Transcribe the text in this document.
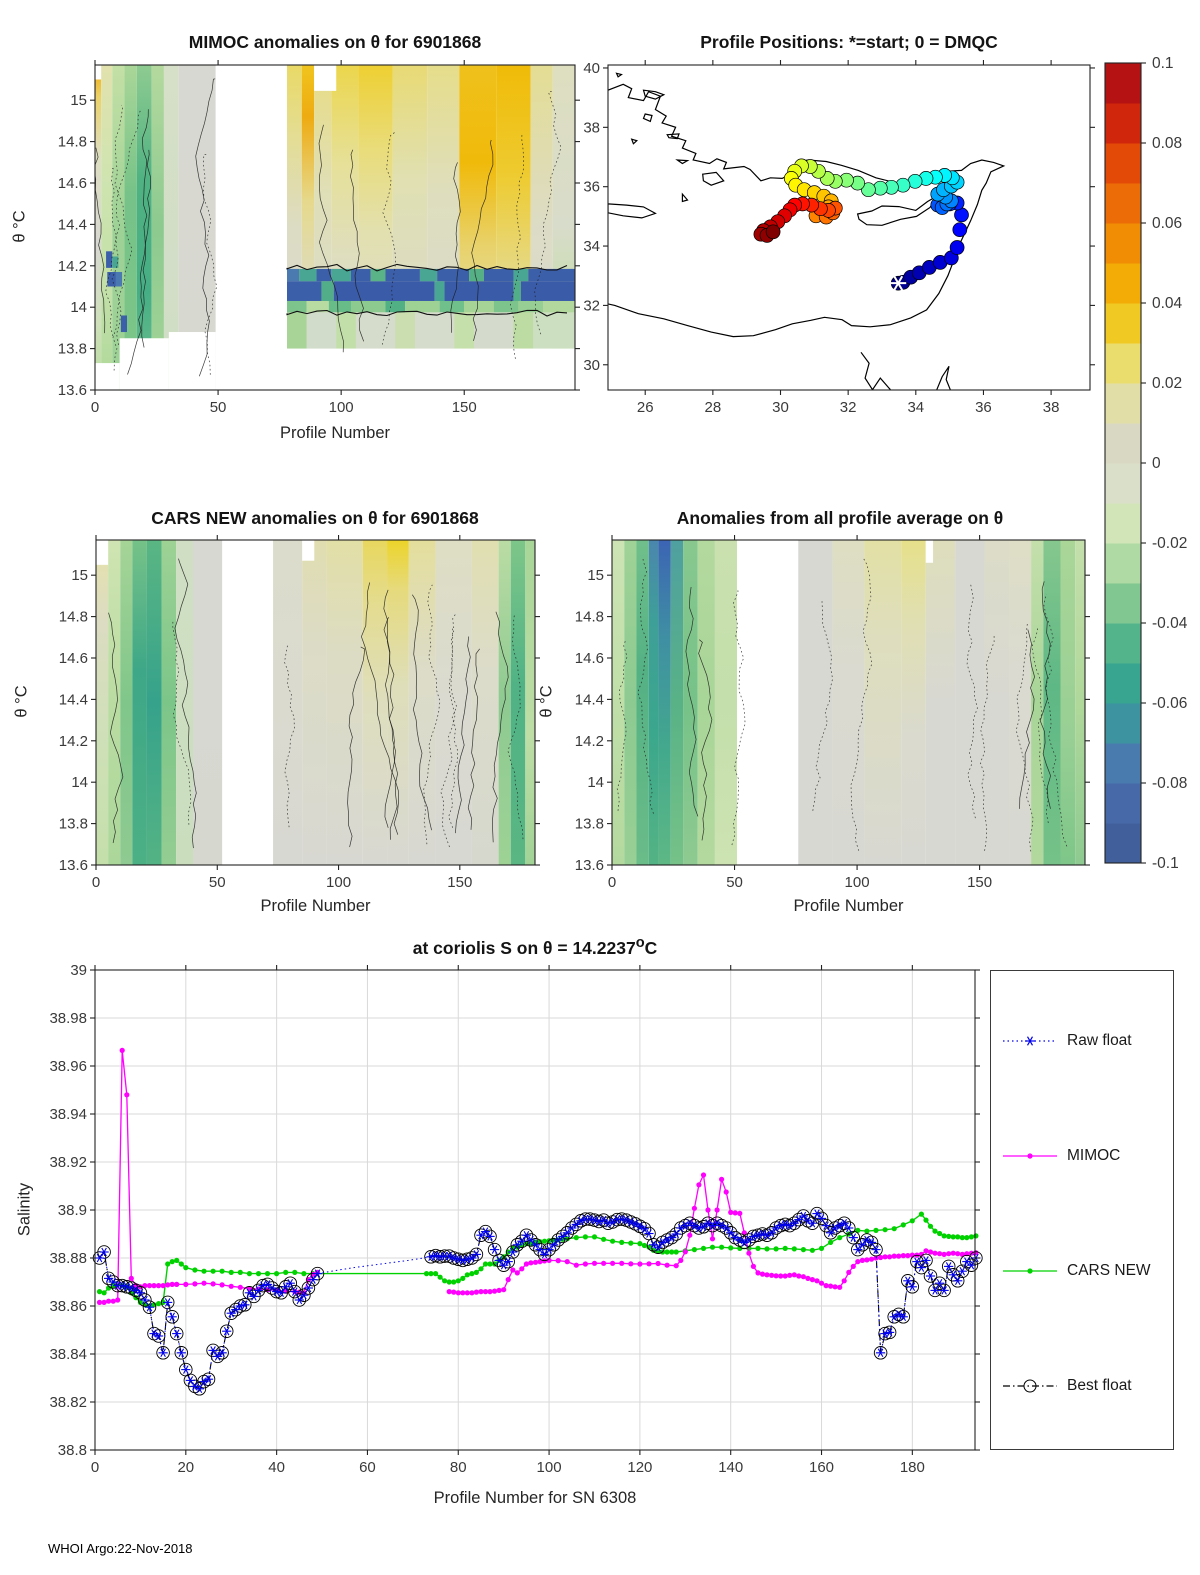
0	50	100	150
13.6
13.8
14
14.2
14.4
14.6
14.8
15
0	50	100	150
13.6
13.8
14
14.2
14.4
14.6
14.8
15
0	50	100	150
13.6
13.8
14
14.2
14.4
14.6
14.8
15
26	28	30	32	34	36	38
30
32
34
36
38
40	0.1
0.08
0.06
0.04
0.02
0
-0.02
-0.04
-0.06
-0.08
-0.1
0	20	40	60	80	100	120	140	160	180
38.8
38.82
38.84
38.86
38.88
38.9
38.92
38.94
38.96
38.98
39
MIMOC anomalies on θ for 6901868	Profile Positions: *=start; 0 = DMQC
CARS NEW anomalies on θ for 6901868	Anomalies from all profile average on θ
at coriolis S on $\theta = 14.2237^oC$
Profile Number
Profile Number	Profile Number
Profile Number for SN 6308
θ °C
θ °C	θ °C
Salinity
Raw float
MIMOC
CARS NEW
Best float
WHOI Argo:22-Nov-2018
